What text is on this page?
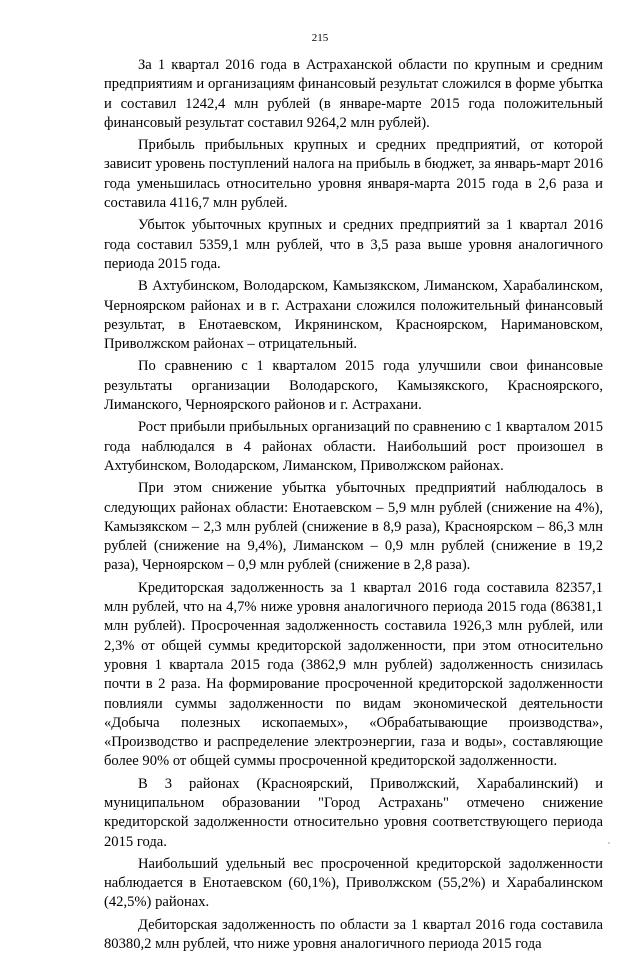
215

За 1 квартал 2016 года в Астраханской области по крупным и средним предприятиям и организациям финансовый результат сложился в форме убытка и составил 1242,4 млн рублей (в январе-марте 2015 года положительный финансовый результат составил 9264,2 млн рублей).

Прибыль прибыльных крупных и средних предприятий, от которой зависит уровень поступлений налога на прибыль в бюджет, за январь-март 2016 года уменьшилась относительно уровня января-марта 2015 года в 2,6 раза и составила 4116,7 млн рублей.

Убыток убыточных крупных и средних предприятий за 1 квартал 2016 года составил 5359,1 млн рублей, что в 3,5 раза выше уровня аналогичного периода 2015 года.

В Ахтубинском, Володарском, Камызякском, Лиманском, Харабалинском, Черноярском районах и в г. Астрахани сложился положительный финансовый результат, в Енотаевском, Икрянинском, Красноярском, Наримановском, Приволжском районах – отрицательный.

По сравнению с 1 кварталом 2015 года улучшили свои финансовые результаты организации Володарского, Камызякского, Красноярского, Лиманского, Черноярского районов и г. Астрахани.

Рост прибыли прибыльных организаций по сравнению с 1 кварталом 2015 года наблюдался в 4 районах области. Наибольший рост произошел в Ахтубинском, Володарском, Лиманском, Приволжском районах.

При этом снижение убытка убыточных предприятий наблюдалось в следующих районах области: Енотаевском – 5,9 млн рублей (снижение на 4%), Камызякском – 2,3 млн рублей (снижение в 8,9 раза), Красноярском – 86,3 млн рублей (снижение на 9,4%), Лиманском – 0,9 млн рублей (снижение в 19,2 раза), Черноярском – 0,9 млн рублей (снижение в 2,8 раза).

Кредиторская задолженность за 1 квартал 2016 года составила 82357,1 млн рублей, что на 4,7% ниже уровня аналогичного периода 2015 года (86381,1 млн рублей). Просроченная задолженность составила 1926,3 млн рублей, или 2,3% от общей суммы кредиторской задолженности, при этом относительно уровня 1 квартала 2015 года (3862,9 млн рублей) задолженность снизилась почти в 2 раза. На формирование просроченной кредиторской задолженности повлияли суммы задолженности по видам экономической деятельности «Добыча полезных ископаемых», «Обрабатывающие производства», «Производство и распределение электроэнергии, газа и воды», составляющие более 90% от общей суммы просроченной кредиторской задолженности.

В 3 районах (Красноярский, Приволжский, Харабалинский) и муниципальном образовании "Город Астрахань" отмечено снижение кредиторской задолженности относительно уровня соответствующего периода 2015 года.

Наибольший удельный вес просроченной кредиторской задолженности наблюдается в Енотаевском (60,1%), Приволжском (55,2%) и Харабалинском (42,5%) районах.

Дебиторская задолженность по области за 1 квартал 2016 года составила 80380,2 млн рублей, что ниже уровня аналогичного периода 2015 года
